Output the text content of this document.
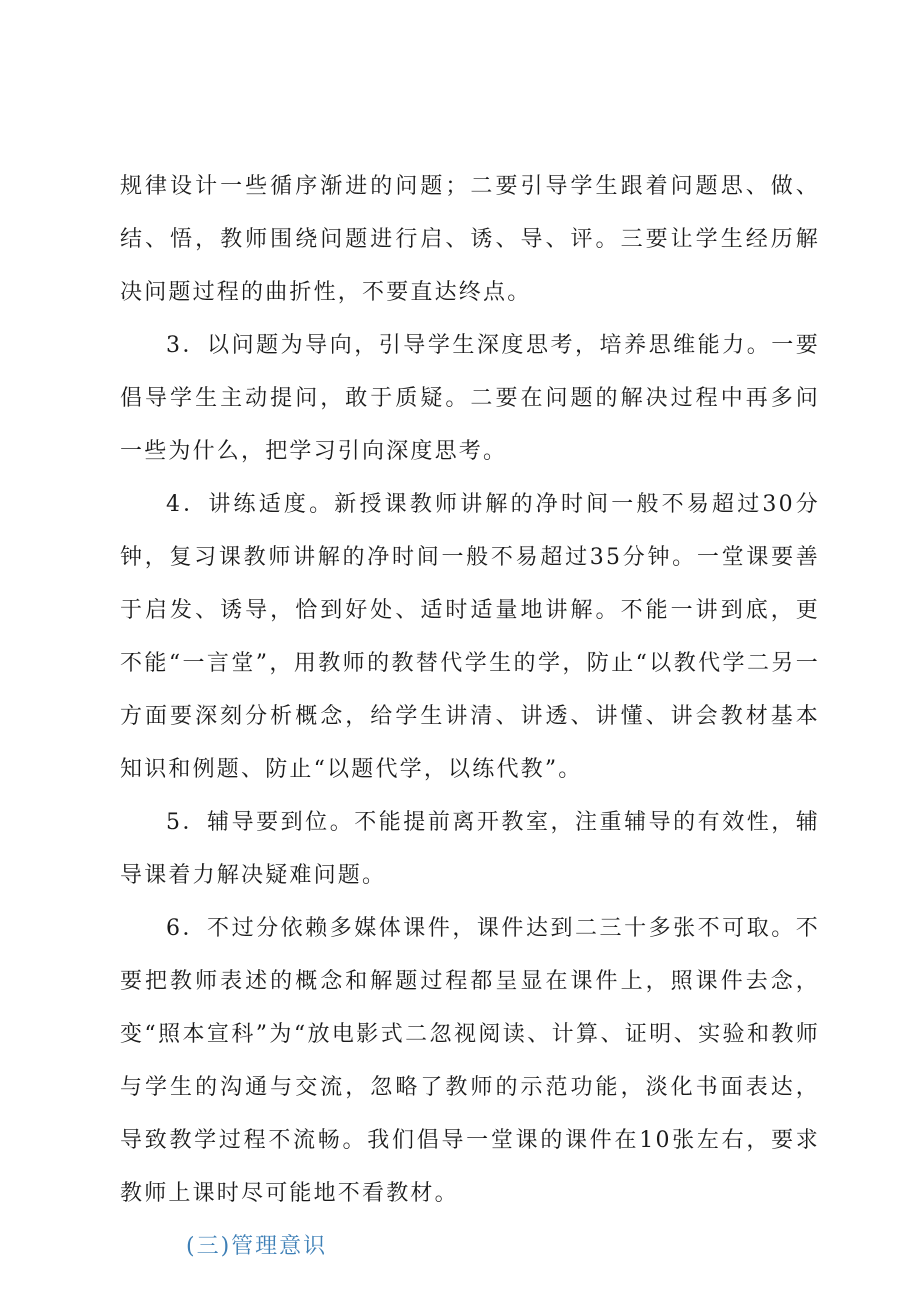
规律设计一些循序渐进的问题；二要引导学生跟着问题思、做、结、悟，教师围绕问题进行启、诱、导、评。三要让学生经历解决问题过程的曲折性，不要直达终点。

3．以问题为导向，引导学生深度思考，培养思维能力。一要倡导学生主动提问，敢于质疑。二要在问题的解决过程中再多问一些为什么，把学习引向深度思考。

4．讲练适度。新授课教师讲解的净时间一般不易超过30分钟，复习课教师讲解的净时间一般不易超过35分钟。一堂课要善于启发、诱导，恰到好处、适时适量地讲解。不能一讲到底，更不能“一言堂”，用教师的教替代学生的学，防止“以教代学二另一方面要深刻分析概念，给学生讲清、讲透、讲懂、讲会教材基本知识和例题、防止“以题代学，以练代教”。

5．辅导要到位。不能提前离开教室，注重辅导的有效性，辅导课着力解决疑难问题。

6．不过分依赖多媒体课件，课件达到二三十多张不可取。不要把教师表述的概念和解题过程都呈显在课件上，照课件去念，变“照本宣科”为“放电影式二忽视阅读、计算、证明、实验和教师与学生的沟通与交流，忽略了教师的示范功能，淡化书面表达，导致教学过程不流畅。我们倡导一堂课的课件在10张左右，要求教师上课时尽可能地不看教材。

(三)管理意识
